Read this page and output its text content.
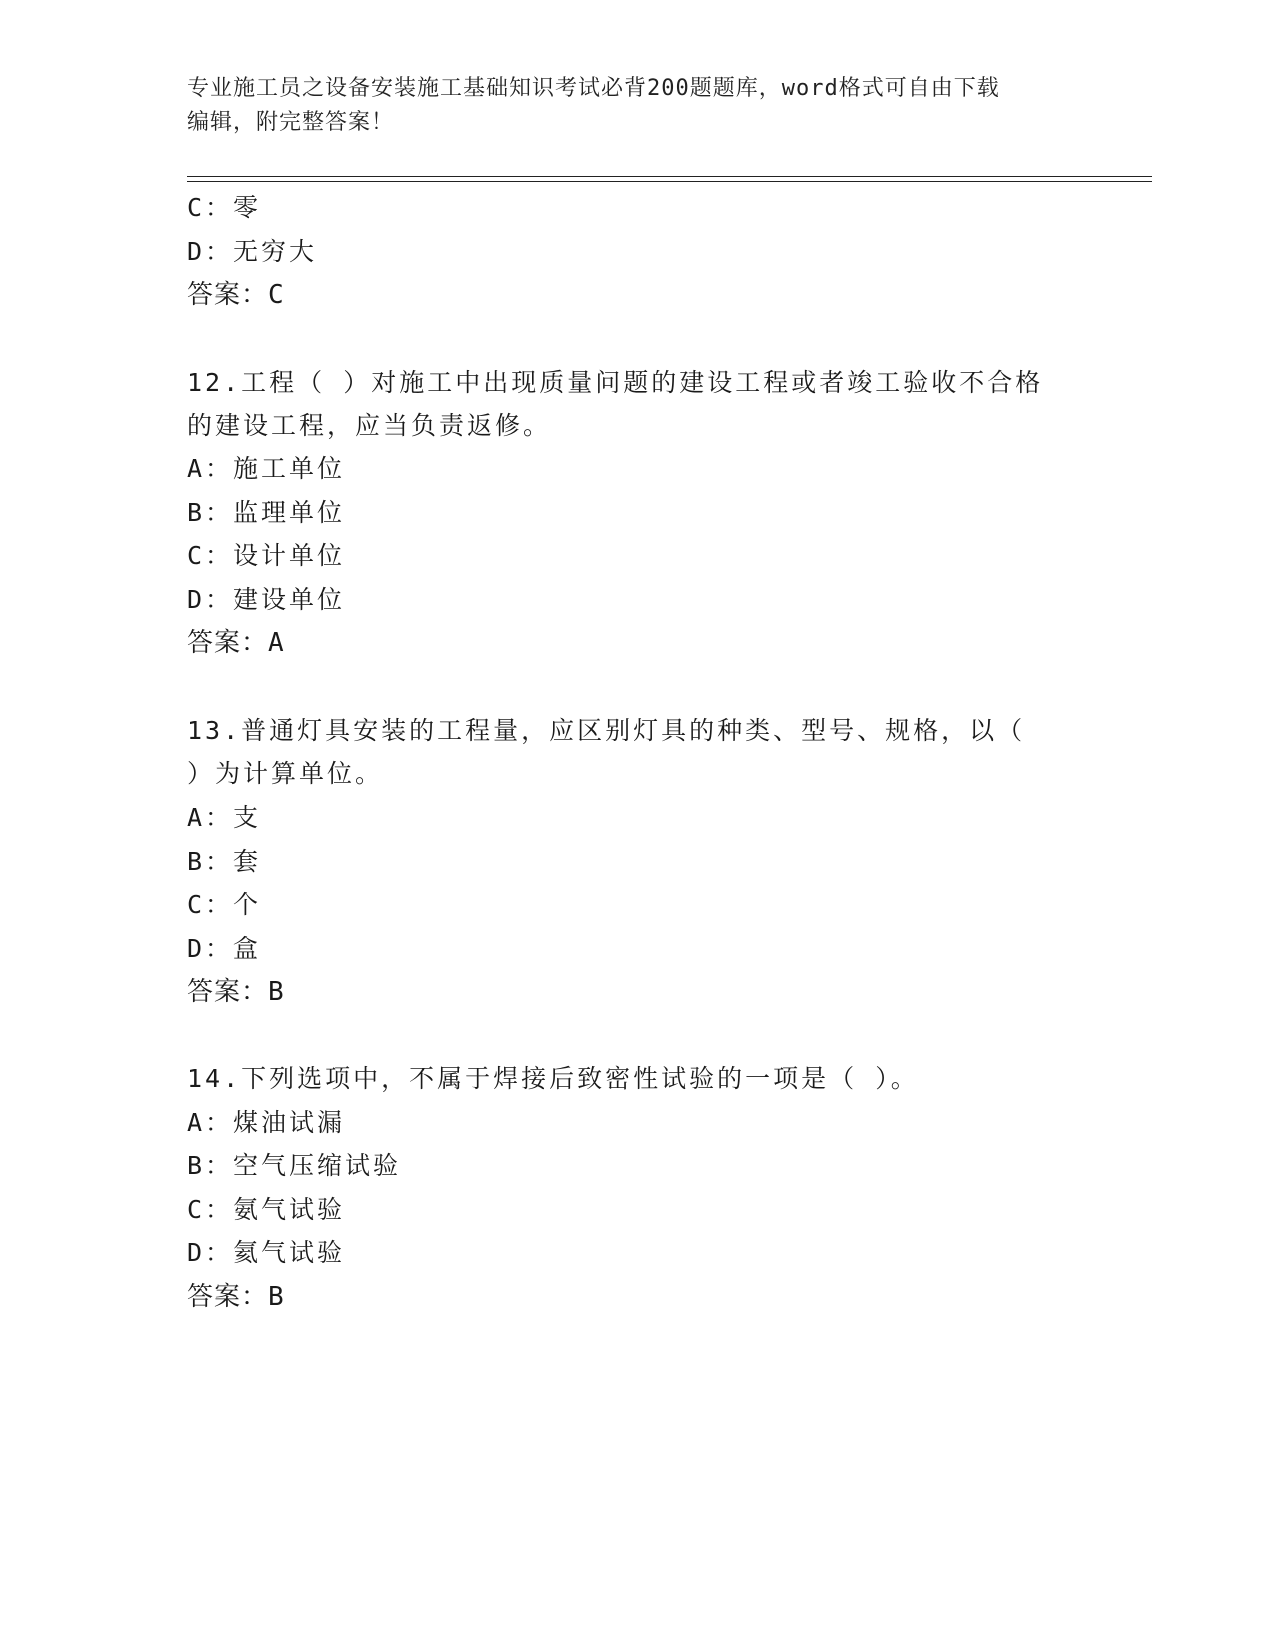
专业施工员之设备安装施工基础知识考试必背200题题库，word格式可自由下载
编辑，附完整答案！
C：零
D：无穷大
答案：C
12.工程（ ）对施工中出现质量问题的建设工程或者竣工验收不合格
的建设工程，应当负责返修。
A：施工单位
B：监理单位
C：设计单位
D：建设单位
答案：A
13.普通灯具安装的工程量，应区别灯具的种类、型号、规格，以（
）为计算单位。
A：支
B：套
C：个
D：盒
答案：B
14.下列选项中，不属于焊接后致密性试验的一项是（ ）。
A：煤油试漏
B：空气压缩试验
C：氨气试验
D：氦气试验
答案：B
